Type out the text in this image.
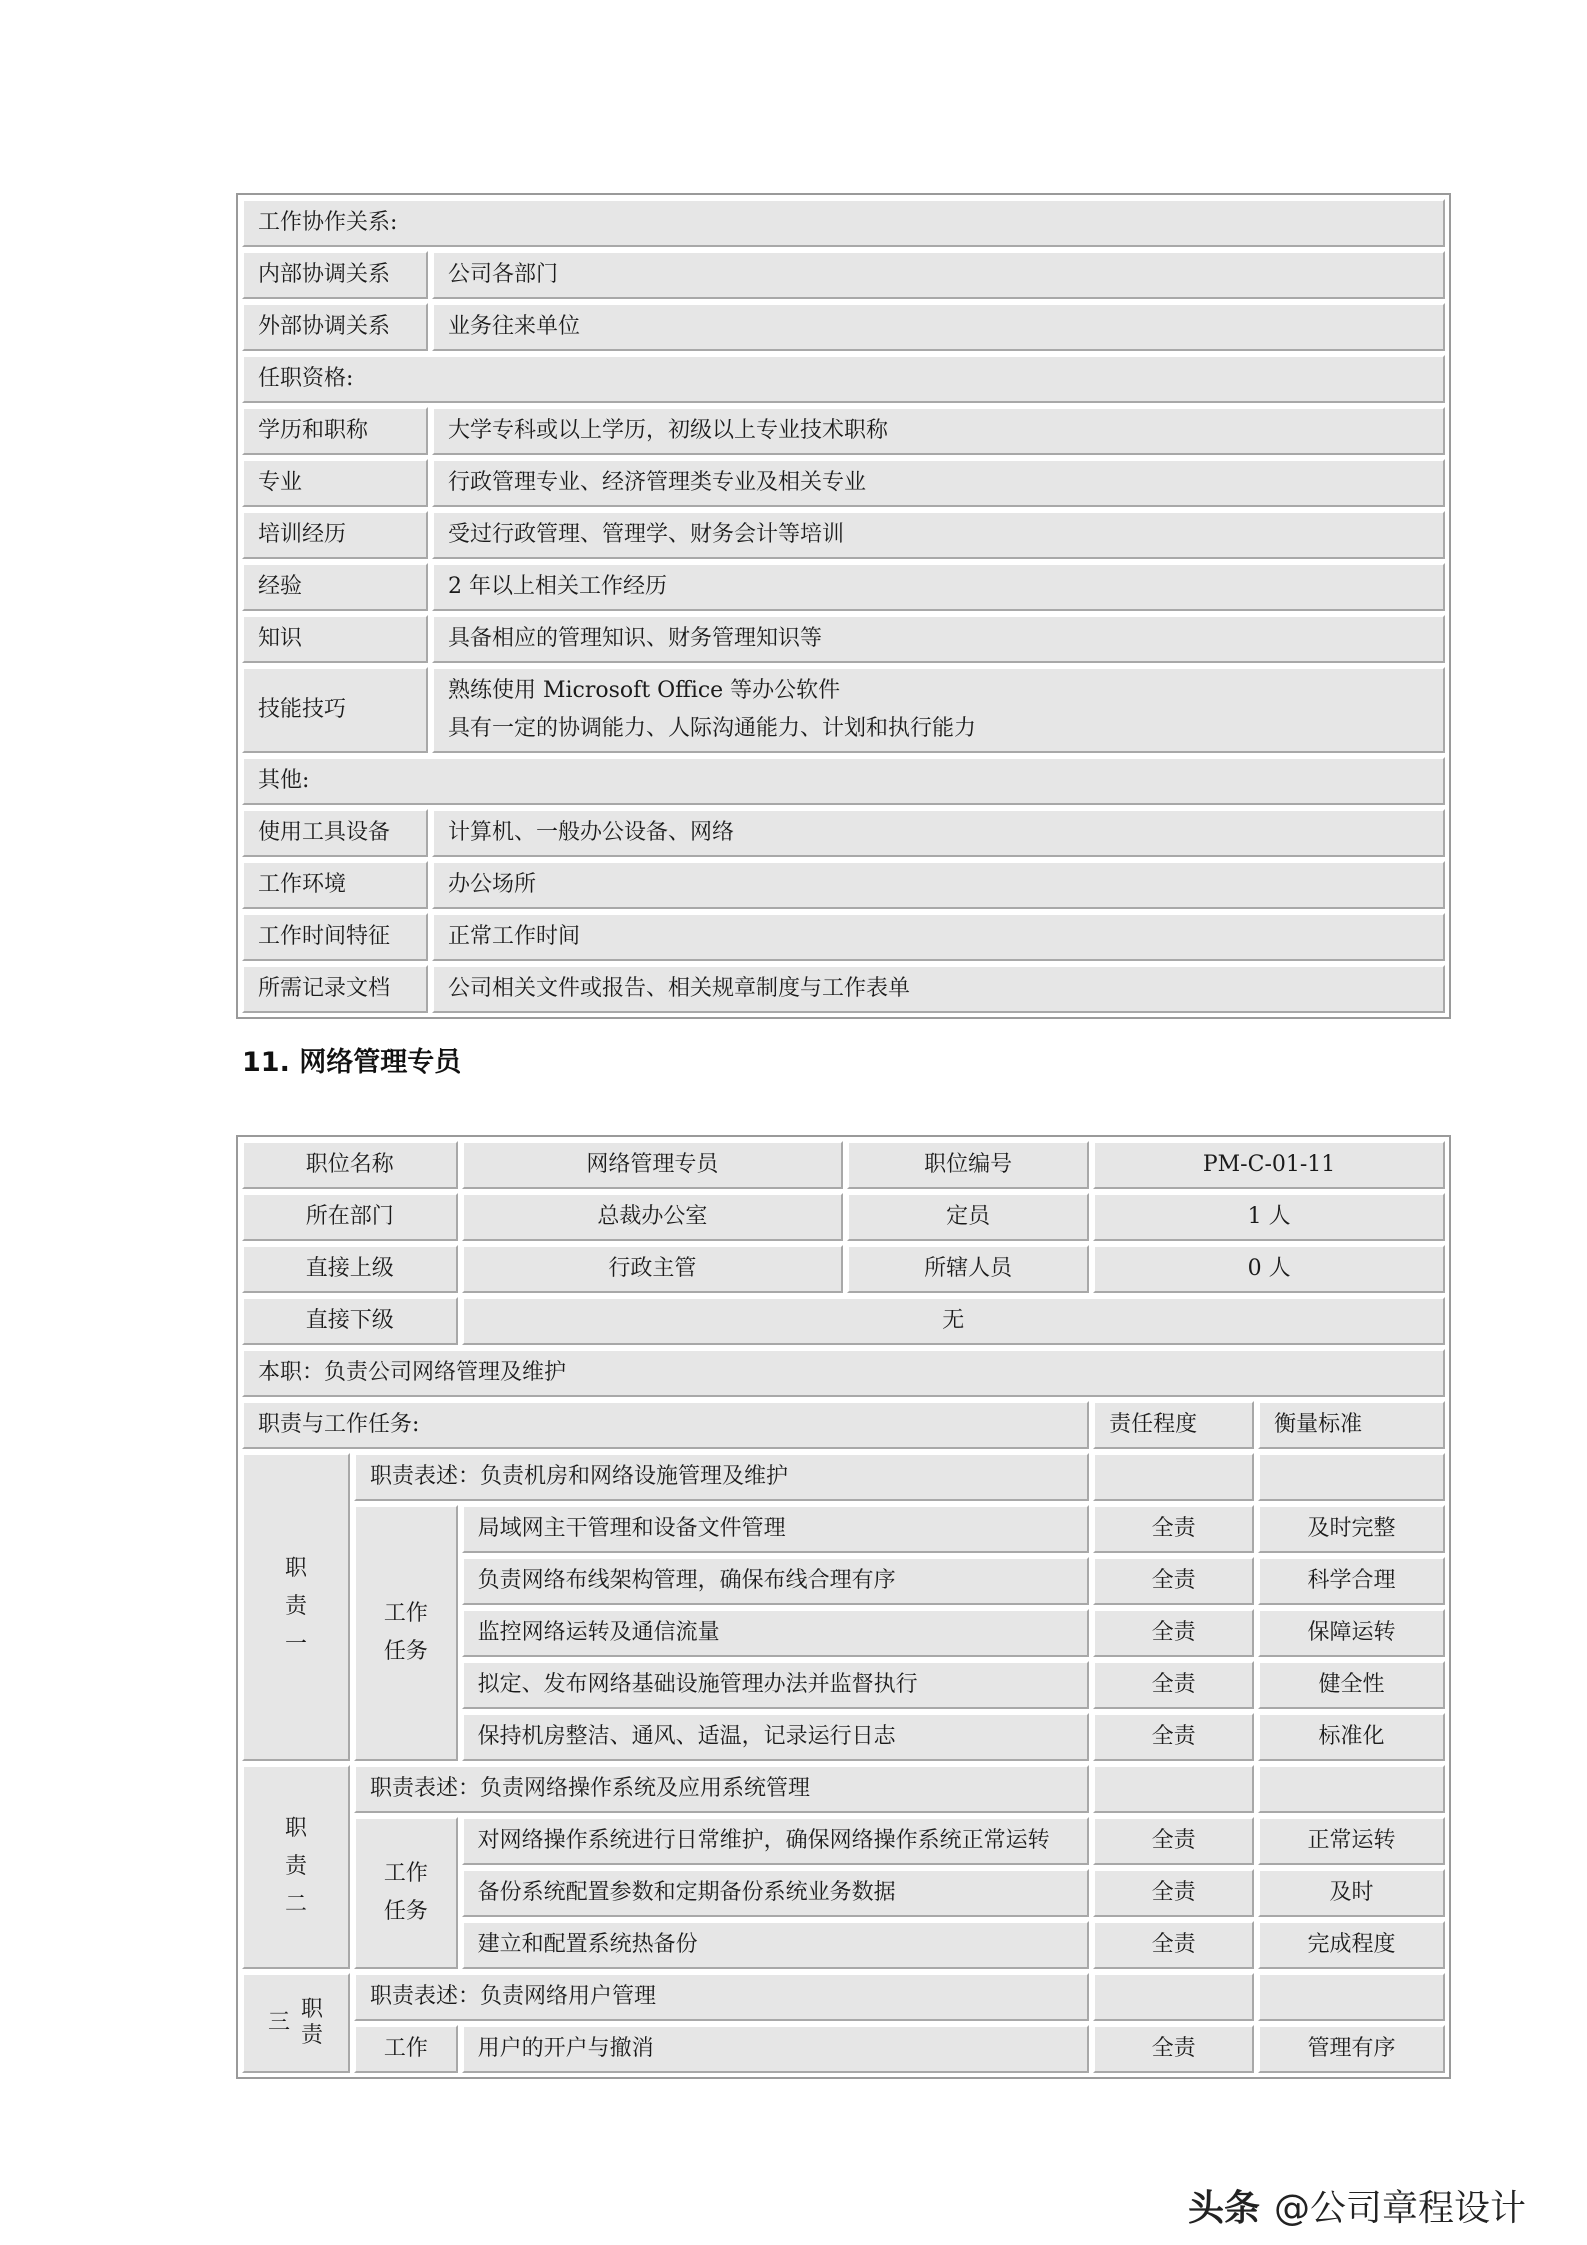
工作协作关系:	
内部协调关系	公司各部门
外部协调关系	业务往来单位
任职资格:	
学历和职称	大学专科或以上学历，初级以上专业技术职称
专业	行政管理专业、经济管理类专业及相关专业
培训经历	受过行政管理、管理学、财务会计等培训
经验	2 年以上相关工作经历
知识	具备相应的管理知识、财务管理知识等
技能技巧	熟练使用 Microsoft Office 等办公软件
具有一定的协调能力、人际沟通能力、计划和执行能力

其他:	
使用工具设备	计算机、一般办公设备、网络
工作环境	办公场所
工作时间特征	正常工作时间
所需记录文档	公司相关文件或报告、相关规章制度与工作表单
11. 网络管理专员
职位名称		网络管理专员	职位编号	PM-C-01-11	
所在部门		总裁办公室	定员	1 人	
直接上级		行政主管	所辖人员	0 人	
直接下级		无			
本职：负责公司网络管理及维护					
职责与工作任务:				责任程度	衡量标准
职责一	职责表述：负责机房和网络设施管理及维护				
	工作任务	局域网主干管理和设备文件管理		全责	及时完整
		负责网络布线架构管理，确保布线合理有序		全责	科学合理
		监控网络运转及通信流量		全责	保障运转
		拟定、发布网络基础设施管理办法并监督执行		全责	健全性
		保持机房整洁、通风、适温，记录运行日志		全责	标准化
职责二	职责表述：负责网络操作系统及应用系统管理				
	工作任务	对网络操作系统进行日常维护，确保网络操作系统正常运转		全责	正常运转
		备份系统配置参数和定期备份系统业务数据		全责	及时
		建立和配置系统热备份		全责	完成程度
三职责	职责表述：负责网络用户管理				
	工作	用户的开户与撤消		全责	管理有序
头条 @公司章程设计
